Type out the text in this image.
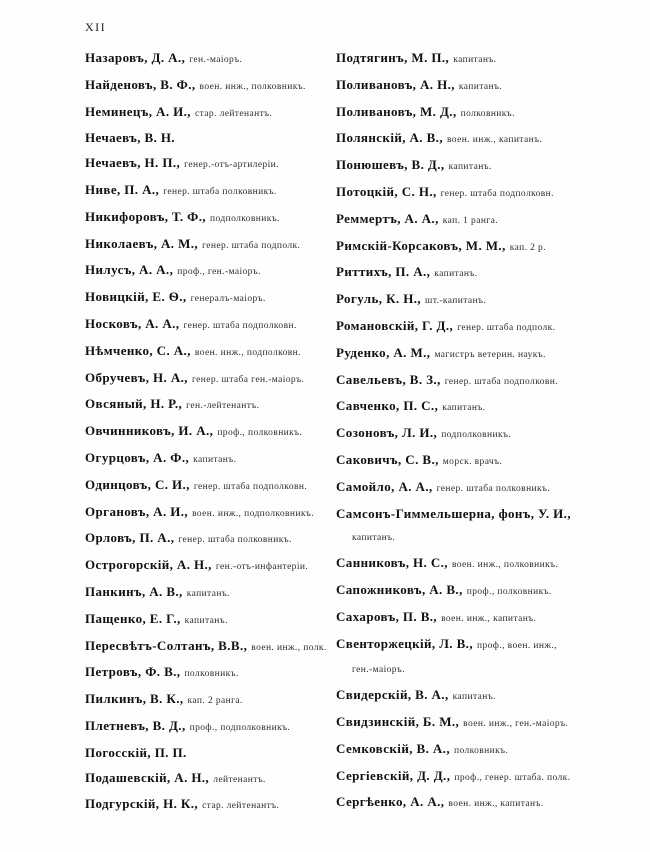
XII
Назаровъ, Д. А., ген.-маіоръ.
Найденовъ, В. Ф., воен. инж., полковникъ.
Неминецъ, А. И., стар. лейтенантъ.
Нечаевъ, В. Н.
Нечаевъ, Н. П., генер.-отъ-артилеріи.
Ниве, П. А., генер. штаба полковникъ.
Никифоровъ, Т. Ф., подполковникъ.
Николаевъ, А. М., генер. штаба подполк.
Нилусъ, А. А., проф., ген.-маіоръ.
Новицкій, Е. Ѳ., генералъ-маіоръ.
Носковъ, А. А., генер. штаба подполковн.
Нѣмченко, С. А., воен. инж., подполковн.
Обручевъ, Н. А., генер. штаба ген.-маіоръ.
Овсяный, Н. Р., ген.-лейтенантъ.
Овчинниковъ, И. А., проф., полковникъ.
Огурцовъ, А. Ф., капитанъ.
Одинцовъ, С. И., генер. штаба подполковн.
Органовъ, А. И., воен. инж., подполковникъ.
Орловъ, П. А., генер. штаба полковникъ.
Острогорскій, А. Н., ген.-отъ-инфантеріи.
Панкинъ, А. В., капитанъ.
Пащенко, Е. Г., капитанъ.
Пересвѣтъ-Солтанъ, В.В., воен. инж., полк.
Петровъ, Ф. В., полковникъ.
Пилкинъ, В. К., кап. 2 ранга.
Плетневъ, В. Д., проф., подполковникъ.
Погосскій, П. П.
Подашевскій, А. Н., лейтенантъ.
Подгурскій, Н. К., стар. лейтенантъ.
Подтягинъ, М. П., капитанъ.
Поливановъ, А. Н., капитанъ.
Поливановъ, М. Д., полковникъ.
Полянскій, А. В., воен. инж., капитанъ.
Понюшевъ, В. Д., капитанъ.
Потоцкій, С. Н., генер. штаба подполковн.
Реммертъ, А. А., кап. 1 ранга.
Римскій-Корсаковъ, М. М., кап. 2 р.
Риттихъ, П. А., капитанъ.
Рогуль, К. Н., шт.-капитанъ.
Романовскій, Г. Д., генер. штаба подполк.
Руденко, А. М., магистръ ветерин. наукъ.
Савельевъ, В. З., генер. штаба подполковн.
Савченко, П. С., капитанъ.
Созоновъ, Л. И., подполковникъ.
Саковичъ, С. В., морск. врачъ.
Самойло, А. А., генер. штаба полковникъ.
Самсонъ-Гиммельшерна, фонъ, У. И.,
капитанъ.
Санниковъ, Н. С., воен. инж., полковникъ.
Сапожниковъ, А. В., проф., полковникъ.
Сахаровъ, П. В., воен. инж., капитанъ.
Свенторжецкій, Л. В., проф., воен. инж.,
ген.-маіоръ.
Свидерскій, В. А., капитанъ.
Свидзинскій, Б. М., воен. инж., ген.-маіоръ.
Семковскій, В. А., полковникъ.
Сергіевскій, Д. Д., проф., генер. штаба. полк.
Сергѣенко, А. А., воен. инж., капитанъ.
